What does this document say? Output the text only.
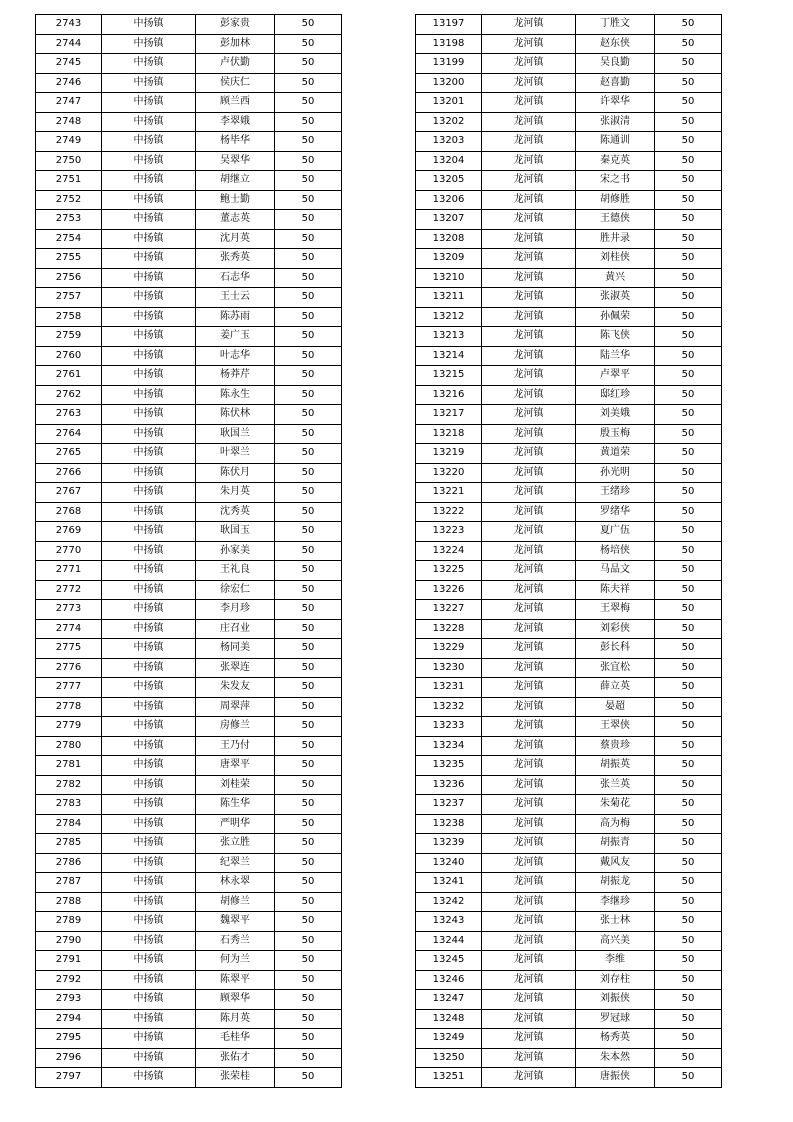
2743	中扬镇	彭家贵	50
2744	中扬镇	彭加林	50
2745	中扬镇	卢伏勤	50
2746	中扬镇	侯庆仁	50
2747	中扬镇	顾兰西	50
2748	中扬镇	李翠娥	50
2749	中扬镇	杨毕华	50
2750	中扬镇	吴翠华	50
2751	中扬镇	胡继立	50
2752	中扬镇	鲍士勤	50
2753	中扬镇	董志英	50
2754	中扬镇	沈月英	50
2755	中扬镇	张秀英	50
2756	中扬镇	石志华	50
2757	中扬镇	王士云	50
2758	中扬镇	陈苏雨	50
2759	中扬镇	姜广玉	50
2760	中扬镇	叶志华	50
2761	中扬镇	杨莽芹	50
2762	中扬镇	陈永生	50
2763	中扬镇	陈伏林	50
2764	中扬镇	耿国兰	50
2765	中扬镇	叶翠兰	50
2766	中扬镇	陈伏月	50
2767	中扬镇	朱月英	50
2768	中扬镇	沈秀英	50
2769	中扬镇	耿国玉	50
2770	中扬镇	孙家美	50
2771	中扬镇	王礼良	50
2772	中扬镇	徐宏仁	50
2773	中扬镇	李月珍	50
2774	中扬镇	庄召业	50
2775	中扬镇	杨同美	50
2776	中扬镇	张翠连	50
2777	中扬镇	朱发友	50
2778	中扬镇	周翠萍	50
2779	中扬镇	房修兰	50
2780	中扬镇	王乃付	50
2781	中扬镇	唐翠平	50
2782	中扬镇	刘桂荣	50
2783	中扬镇	陈生华	50
2784	中扬镇	严明华	50
2785	中扬镇	张立胜	50
2786	中扬镇	纪翠兰	50
2787	中扬镇	林永翠	50
2788	中扬镇	胡修兰	50
2789	中扬镇	魏翠平	50
2790	中扬镇	石秀兰	50
2791	中扬镇	何为兰	50
2792	中扬镇	陈翠平	50
2793	中扬镇	顾翠华	50
2794	中扬镇	陈月英	50
2795	中扬镇	毛桂华	50
2796	中扬镇	张佑才	50
2797	中扬镇	张荣桂	50
13197	龙河镇	丁胜文	50
13198	龙河镇	赵东侠	50
13199	龙河镇	吴良勤	50
13200	龙河镇	赵喜勤	50
13201	龙河镇	许翠华	50
13202	龙河镇	张淑清	50
13203	龙河镇	陈通训	50
13204	龙河镇	秦克英	50
13205	龙河镇	宋之书	50
13206	龙河镇	胡修胜	50
13207	龙河镇	王德侠	50
13208	龙河镇	胜井录	50
13209	龙河镇	刘桂侠	50
13210	龙河镇	黄兴	50
13211	龙河镇	张淑英	50
13212	龙河镇	孙佩荣	50
13213	龙河镇	陈飞侠	50
13214	龙河镇	陆兰华	50
13215	龙河镇	卢翠平	50
13216	龙河镇	邸红珍	50
13217	龙河镇	刘美娥	50
13218	龙河镇	殷玉梅	50
13219	龙河镇	黄道荣	50
13220	龙河镇	孙光明	50
13221	龙河镇	王绪珍	50
13222	龙河镇	罗绪华	50
13223	龙河镇	夏广伍	50
13224	龙河镇	杨培侠	50
13225	龙河镇	马品文	50
13226	龙河镇	陈夫祥	50
13227	龙河镇	王翠梅	50
13228	龙河镇	刘彩侠	50
13229	龙河镇	彭长科	50
13230	龙河镇	张宜松	50
13231	龙河镇	薛立英	50
13232	龙河镇	晏超	50
13233	龙河镇	王翠侠	50
13234	龙河镇	蔡贵珍	50
13235	龙河镇	胡振英	50
13236	龙河镇	张兰英	50
13237	龙河镇	朱菊花	50
13238	龙河镇	高为梅	50
13239	龙河镇	胡振青	50
13240	龙河镇	戴风友	50
13241	龙河镇	胡振龙	50
13242	龙河镇	李继珍	50
13243	龙河镇	张士林	50
13244	龙河镇	高兴美	50
13245	龙河镇	李维	50
13246	龙河镇	刘存柱	50
13247	龙河镇	刘振侠	50
13248	龙河镇	罗冠球	50
13249	龙河镇	杨秀英	50
13250	龙河镇	朱本然	50
13251	龙河镇	唐振侠	50
